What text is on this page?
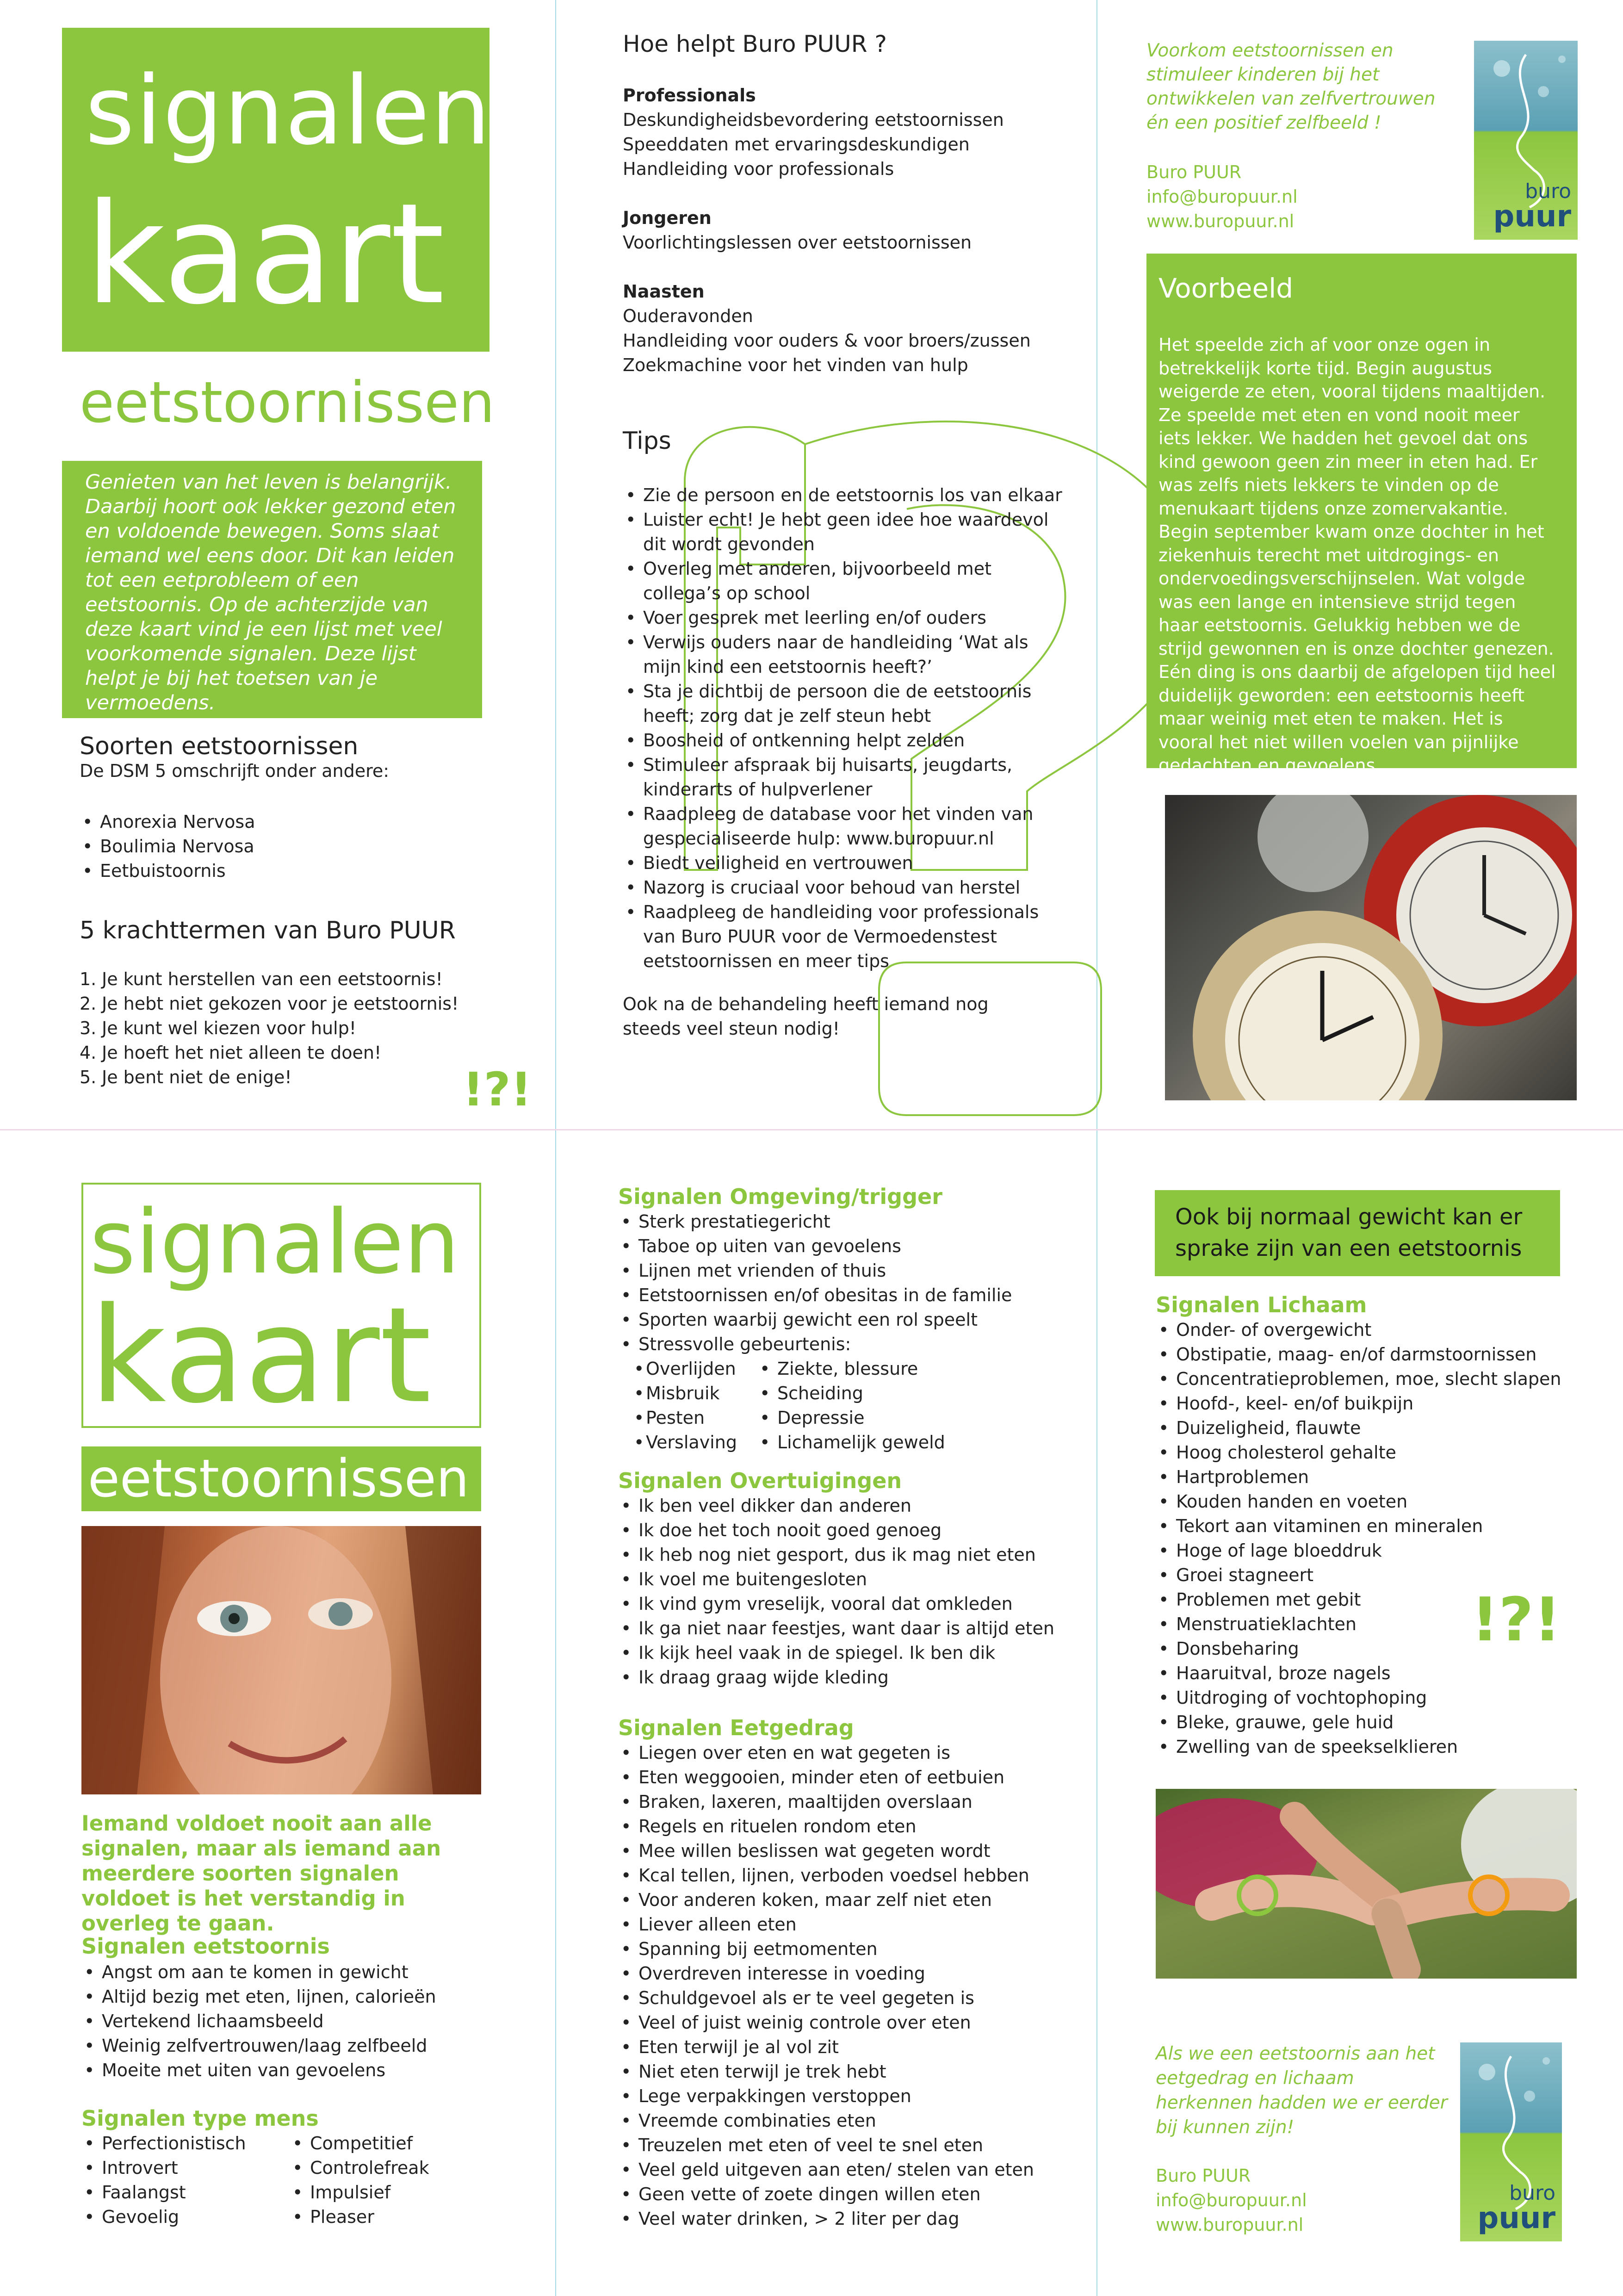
signalen
kaart
eetstoornissen
Genieten van het leven is belangrijk. Daarbij hoort ook lekker gezond eten en voldoende bewegen. Soms slaat iemand wel eens door. Dit kan leiden tot een eetprobleem of een eetstoornis. Op de achterzijde van deze kaart vind je een lijst met veel voorkomende signalen. Deze lijst helpt je bij het toetsen van je vermoedens.
Soorten eetstoornissen
De DSM 5 omschrijft onder andere:
• Anorexia Nervosa
• Boulimia Nervosa
• Eetbuistoornis
5 krachttermen van Buro PUUR
1. Je kunt herstellen van een eetstoornis!
2. Je hebt niet gekozen voor je eetstoornis!
3. Je kunt wel kiezen voor hulp!
4. Je hoeft het niet alleen te doen!
5. Je bent niet de enige!	!?!
Hoe helpt Buro PUUR ?
Professionals
Deskundigheidsbevordering eetstoornissen
Speeddaten met ervaringsdeskundigen
Handleiding voor professionals
Jongeren
Voorlichtingslessen over eetstoornissen
Naasten
Ouderavonden
Handleiding voor ouders & voor broers/zussen
Zoekmachine voor het vinden van hulp
Tips
• Zie de persoon en de eetstoornis los van elkaar
• Luister echt! Je hebt geen idee hoe waardevol dit wordt gevonden
• Overleg met anderen, bijvoorbeeld met collega’s op school
• Voer gesprek met leerling en/of ouders
• Verwijs ouders naar de handleiding ‘Wat als mijn kind een eetstoornis heeft?’
• Sta je dichtbij de persoon die de eetstoornis heeft; zorg dat je zelf steun hebt
• Boosheid of ontkenning helpt zelden
• Stimuleer afspraak bij huisarts, jeugdarts, kinderarts of hulpverlener
• Raadpleeg de database voor het vinden van gespecialiseerde hulp: www.buropuur.nl
• Biedt veiligheid en vertrouwen
• Nazorg is cruciaal voor behoud van herstel
• Raadpleeg de handleiding voor professionals van Buro PUUR voor de Vermoedenstest eetstoornissen en meer tips
Ook na de behandeling heeft iemand nog steeds veel steun nodig!
Voorkom eetstoornissen en stimuleer kinderen bij het ontwikkelen van zelfvertrouwen én een positief zelfbeeld !
Buro PUUR
info@buropuur.nl
www.buropuur.nl
buro
puur
Voorbeeld
Het speelde zich af voor onze ogen in betrekkelijk korte tijd. Begin augustus weigerde ze eten, vooral tijdens maaltijden. Ze speelde met eten en vond nooit meer iets lekker. We hadden het gevoel dat ons kind gewoon geen zin meer in eten had. Er was zelfs niets lekkers te vinden op de menukaart tijdens onze zomervakantie. Begin september kwam onze dochter in het ziekenhuis terecht met uitdrogings- en ondervoedingsverschijnselen. Wat volgde was een lange en intensieve strijd tegen haar eetstoornis. Gelukkig hebben we de strijd gewonnen en is onze dochter genezen. Eén ding is ons daarbij de afgelopen tijd heel duidelijk geworden: een eetstoornis heeft maar weinig met eten te maken. Het is vooral het niet willen voelen van pijnlijke gedachten en gevoelens.
signalen
kaart
eetstoornissen
Iemand voldoet nooit aan alle signalen, maar als iemand aan meerdere soorten signalen voldoet is het verstandig in overleg te gaan.
Signalen eetstoornis
• Angst om aan te komen in gewicht
• Altijd bezig met eten, lijnen, calorieën
• Vertekend lichaamsbeeld
• Weinig zelfvertrouwen/laag zelfbeeld
• Moeite met uiten van gevoelens
Signalen type mens
• Perfectionistisch
• Introvert
• Faalangst
• Gevoelig
• Competitief
• Controlefreak
• Impulsief
• Pleaser
Signalen Omgeving/trigger
• Sterk prestatiegericht
• Taboe op uiten van gevoelens
• Lijnen met vrienden of thuis
• Eetstoornissen en/of obesitas in de familie
• Sporten waarbij gewicht een rol speelt
• Stressvolle gebeurtenis:
• Overlijden
• Misbruik
• Pesten
• Verslaving
• Ziekte, blessure
• Scheiding
• Depressie
• Lichamelijk geweld
Signalen Overtuigingen
• Ik ben veel dikker dan anderen
• Ik doe het toch nooit goed genoeg
• Ik heb nog niet gesport, dus ik mag niet eten
• Ik voel me buitengesloten
• Ik vind gym vreselijk, vooral dat omkleden
• Ik ga niet naar feestjes, want daar is altijd eten
• Ik kijk heel vaak in de spiegel. Ik ben dik
• Ik draag graag wijde kleding
Signalen Eetgedrag
• Liegen over eten en wat gegeten is
• Eten weggooien, minder eten of eetbuien
• Braken, laxeren, maaltijden overslaan
• Regels en rituelen rondom eten
• Mee willen beslissen wat gegeten wordt
• Kcal tellen, lijnen, verboden voedsel hebben
• Voor anderen koken, maar zelf niet eten
• Liever alleen eten
• Spanning bij eetmomenten
• Overdreven interesse in voeding
• Schuldgevoel als er te veel gegeten is
• Veel of juist weinig controle over eten
• Eten terwijl je al vol zit
• Niet eten terwijl je trek hebt
• Lege verpakkingen verstoppen
• Vreemde combinaties eten
• Treuzelen met eten of veel te snel eten
• Veel geld uitgeven aan eten/ stelen van eten
• Geen vette of zoete dingen willen eten
• Veel water drinken, > 2 liter per dag
Ook bij normaal gewicht kan er sprake zijn van een eetstoornis
Signalen Lichaam
• Onder- of overgewicht
• Obstipatie, maag- en/of darmstoornissen
• Concentratieproblemen, moe, slecht slapen
• Hoofd-, keel- en/of buikpijn
• Duizeligheid, flauwte
• Hoog cholesterol gehalte
• Hartproblemen
• Kouden handen en voeten
• Tekort aan vitaminen en mineralen
• Hoge of lage bloeddruk
• Groei stagneert
• Problemen met gebit
• Menstruatieklachten
• Donsbeharing
• Haaruitval, broze nagels
• Uitdroging of vochtophoping
• Bleke, grauwe, gele huid
• Zwelling van de speekselklieren
!?!
Als we een eetstoornis aan het eetgedrag en lichaam herkennen hadden we er eerder bij kunnen zijn!
Buro PUUR
info@buropuur.nl
www.buropuur.nl
buro
puur
